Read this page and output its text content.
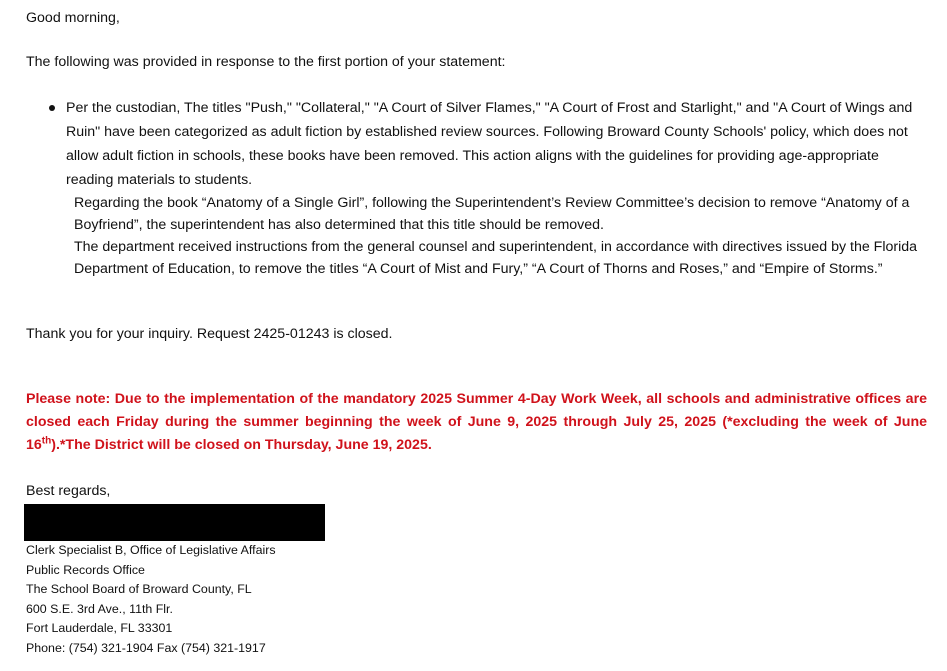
Good morning,

The following was provided in response to the first portion of your statement:

Per the custodian, The titles "Push," "Collateral," "A Court of Silver Flames," "A Court of Frost and Starlight," and "A Court of Wings and Ruin" have been categorized as adult fiction by established review sources. Following Broward County Schools' policy, which does not allow adult fiction in schools, these books have been removed. This action aligns with the guidelines for providing age-appropriate reading materials to students.
Regarding the book “Anatomy of a Single Girl”, following the Superintendent’s Review Committee’s decision to remove “Anatomy of a Boyfriend”, the superintendent has also determined that this title should be removed.
The department received instructions from the general counsel and superintendent, in accordance with directives issued by the Florida Department of Education, to remove the titles “A Court of Mist and Fury,” “A Court of Thorns and Roses,” and “Empire of Storms.”

Thank you for your inquiry. Request 2425-01243 is closed.

Please note: Due to the implementation of the mandatory 2025 Summer 4-Day Work Week, all schools and administrative offices are closed each Friday during the summer beginning the week of June 9, 2025 through July 25, 2025 (*excluding the week of June 16th).*The District will be closed on Thursday, June 19, 2025.

Best regards,

Clerk Specialist B, Office of Legislative Affairs
Public Records Office
The School Board of Broward County, FL
600 S.E. 3rd Ave., 11th Flr.
Fort Lauderdale, FL 33301
Phone: (754) 321-1904 Fax (754) 321-1917
